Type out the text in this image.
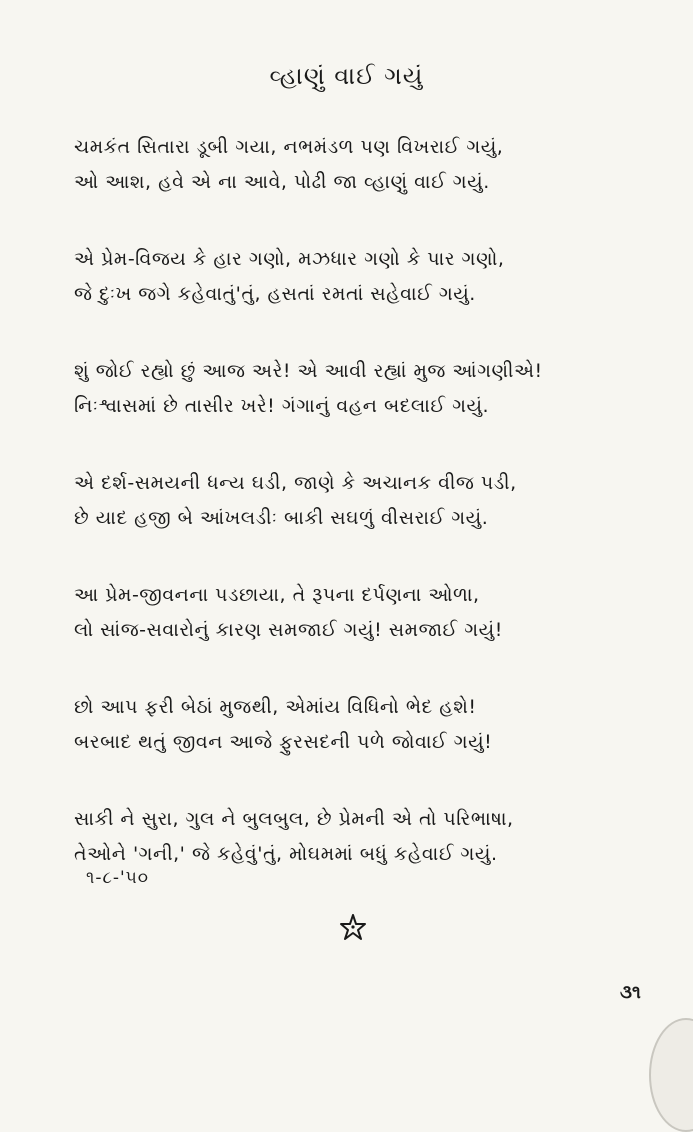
વ્હાણું વાઈ ગયું
ચમકંત સિતારા ડૂબી ગયા, નભમંડળ પણ વિખરાઈ ગયું,
ઓ આશ, હવે એ ના આવે, પોઢી જા વ્હાણું વાઈ ગયું.
એ પ્રેમ-વિજય કે હાર ગણો, મઝધાર ગણો કે પાર ગણો,
જે દુઃખ જગે કહેવાતું'તું, હસતાં રમતાં સહેવાઈ ગયું.
શું જોઈ રહ્યો છું આજ અરે! એ આવી રહ્યાં મુજ આંગણીએ!
નિઃશ્વાસમાં છે તાસીર ખરે! ગંગાનું વહન બદલાઈ ગયું.
એ દર્શ-સમયની ધન્ય ઘડી, જાણે કે અચાનક વીજ પડી,
છે યાદ હજી બે આંખલડીઃ બાકી સઘળું વીસરાઈ ગયું.
આ પ્રેમ-જીવનના પડછાયા, તે રૂપના દર્પણના ઓળા,
લો સાંજ-સવારોનું કારણ સમજાઈ ગયું! સમજાઈ ગયું!
છો આપ ફરી બેઠાં મુજથી, એમાંય વિધિનો ભેદ હશે!
બરબાદ થતું જીવન આજે ફુરસદની પળે જોવાઈ ગયું!
સાકી ને સુરા, ગુલ ને બુલબુલ, છે પ્રેમની એ તો પરિભાષા,
તેઓને 'ગની,' જે કહેવું'તું, મોઘમમાં બધું કહેવાઈ ગયું.
૧-૮-'૫૦
૩૧
